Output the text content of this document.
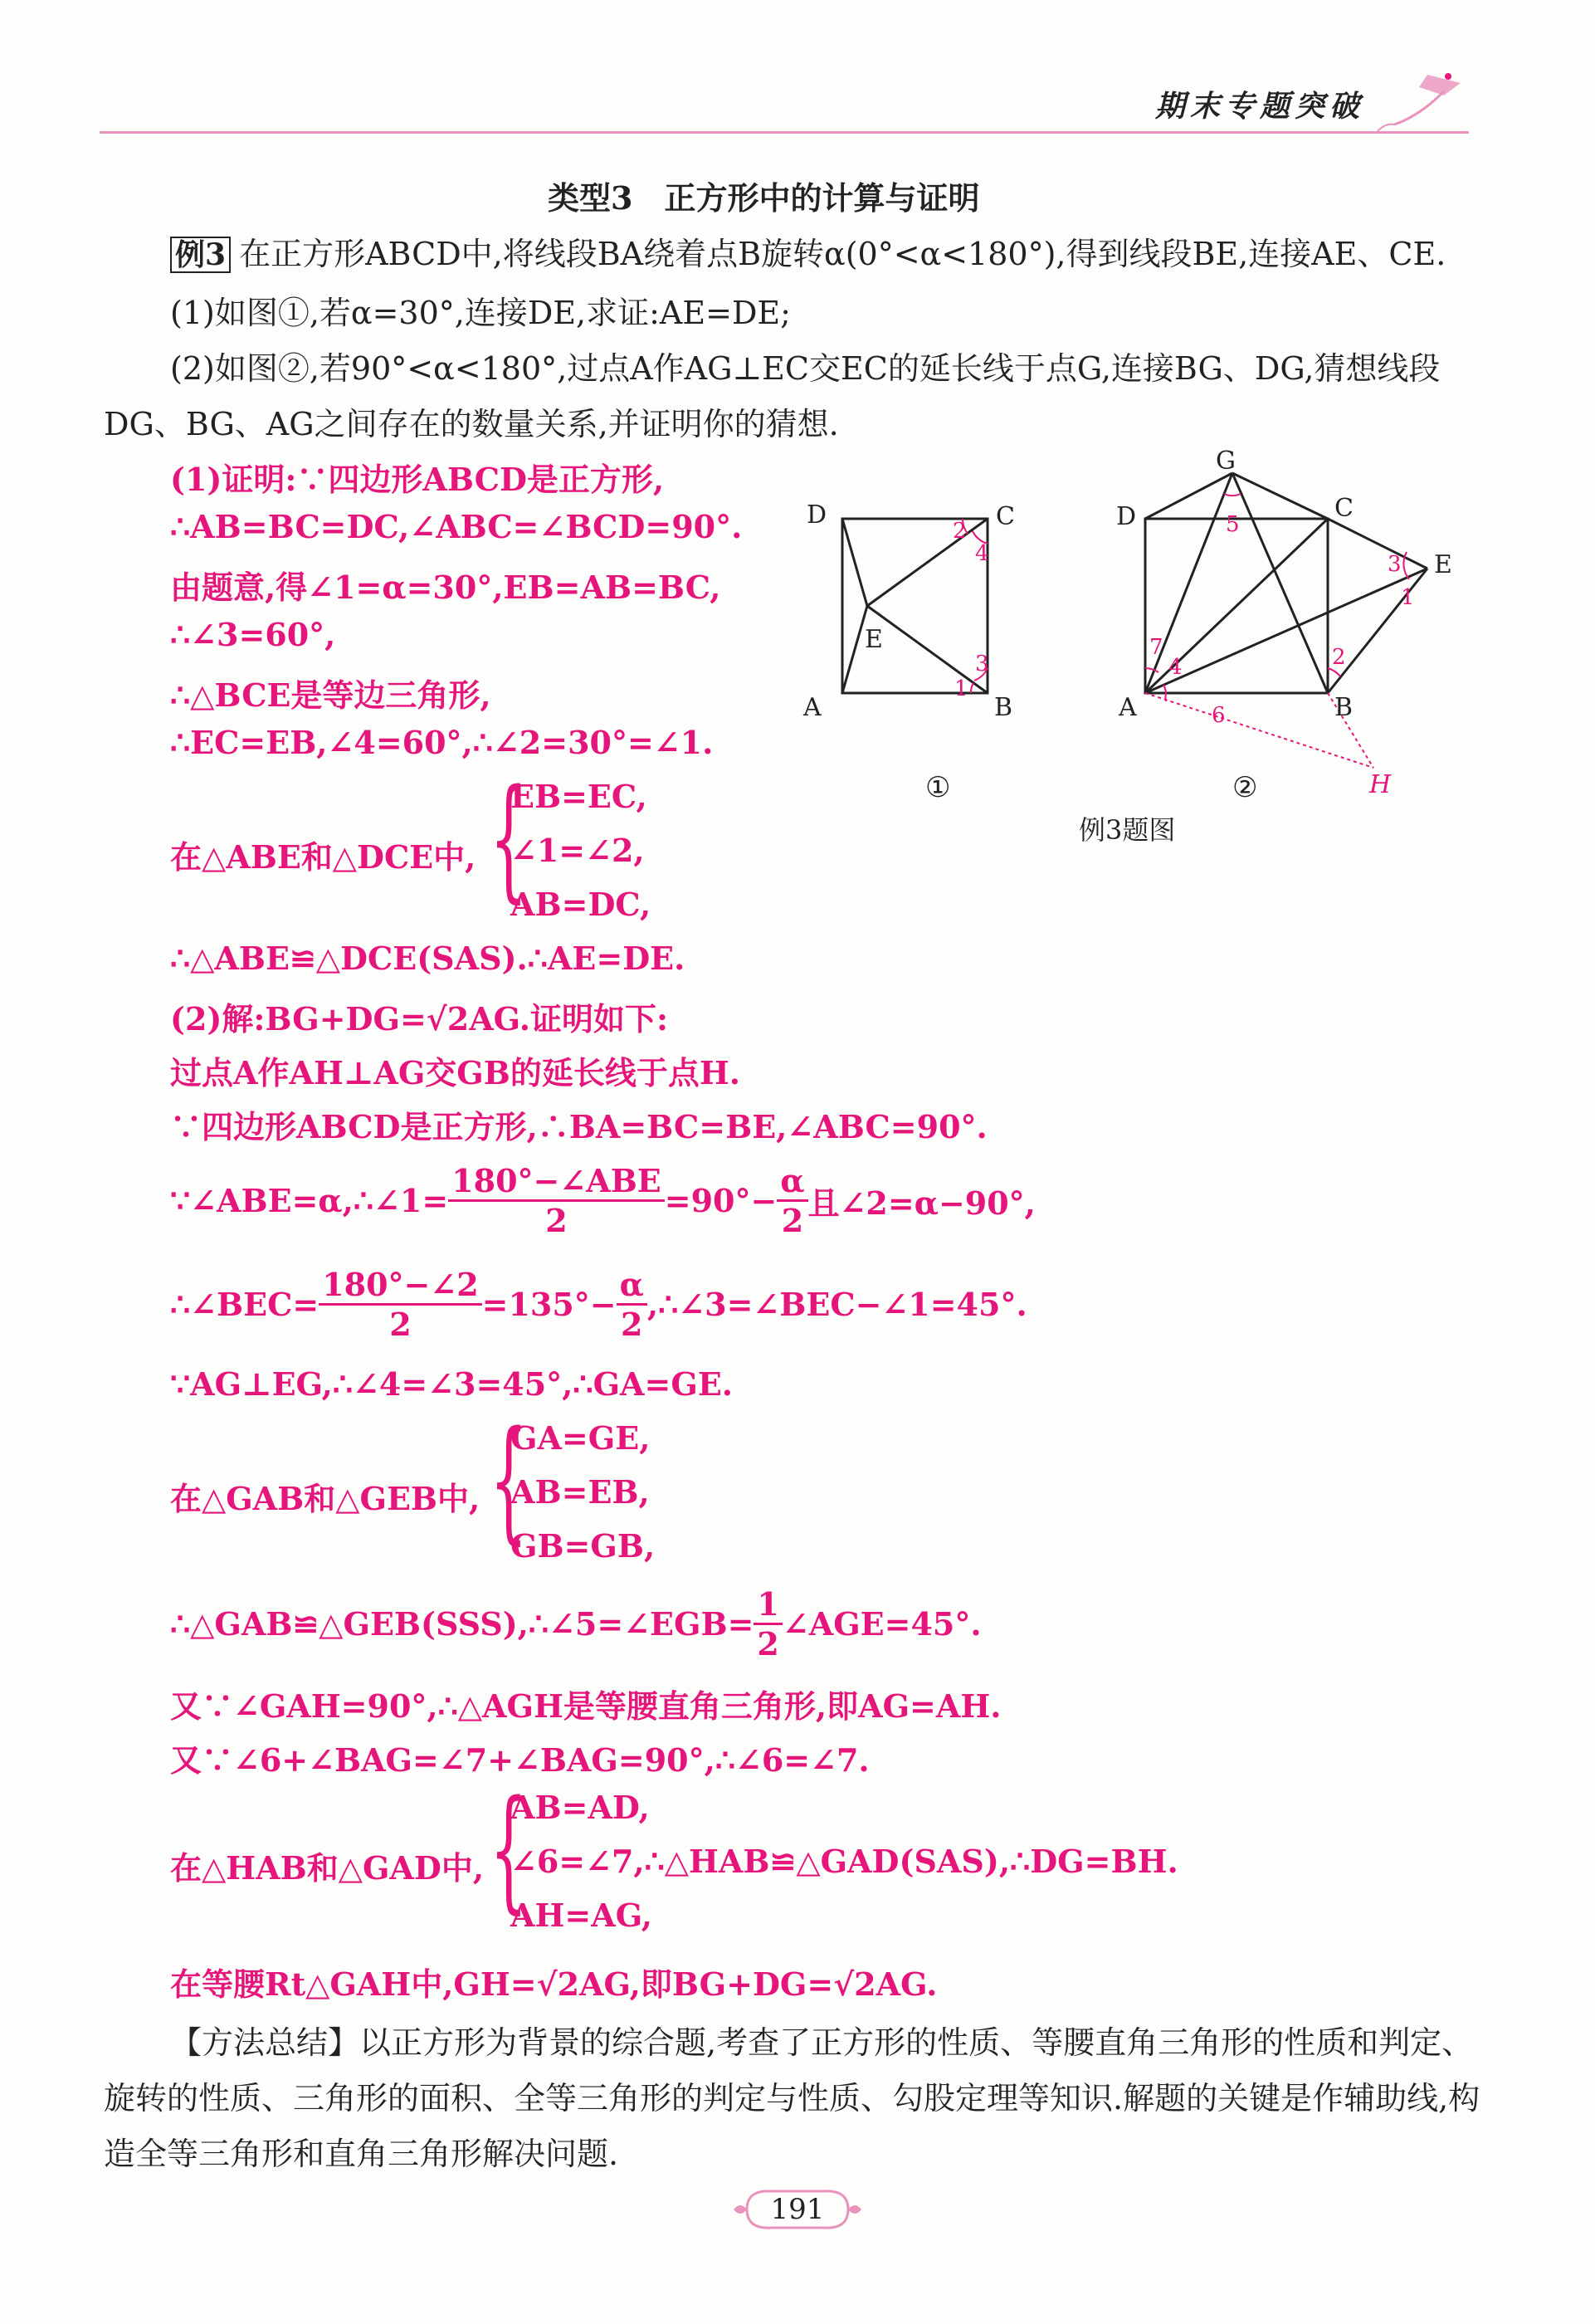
期末专题突破
类型3　正方形中的计算与证明
例3 在正方形ABCD中,将线段BA绕着点B旋转α(0°<α<180°),得到线段BE,连接AE、CE.
(1)如图①,若α=30°,连接DE,求证:AE=DE;
(2)如图②,若90°<α<180°,过点A作AG⊥EC交EC的延长线于点G,连接BG、DG,猜想线段
DG、BG、AG之间存在的数量关系,并证明你的猜想.
(1)证明:∵四边形ABCD是正方形,
∴AB=BC=DC,∠ABC=∠BCD=90°.
由题意,得∠1=α=30°,EB=AB=BC,
∴∠3=60°,
∴△BCE是等边三角形,
∴EC=EB,∠4=60°,∴∠2=30°=∠1.
在△ABE和△DCE中, {
EB=EC,
∠1=∠2,
AB=DC,
∴△ABE≌△DCE(SAS).∴AE=DE.
(2)解:BG+DG=√2AG.证明如下:
过点A作AH⊥AG交GB的延长线于点H.
∵四边形ABCD是正方形,∴BA=BC=BE,∠ABC=90°.
∵∠ABE=α,∴∠1= $\frac{\text{180°−∠ABE}}{2} =90^\circ- \frac{\alpha}{2}$ 且∠2=α−90°,
∴∠BEC= $\frac{180^\circ-\angle 2}{2} =135^\circ- \frac{\alpha}{2}$ ,∴∠3=∠BEC−∠1=45°.
∵AG⊥EG,∴∠4=∠3=45°,∴GA=GE.
在△GAB和△GEB中, {
GA=GE,
AB=EB,
GB=GB,
∴△GAB≌△GEB(SSS),∴∠5=∠EGB= $\frac{1}{2}$ ∠AGE=45°.
又∵∠GAH=90°,∴△AGH是等腰直角三角形,即AG=AH.
又∵∠6+∠BAG=∠7+∠BAG=90°,∴∠6=∠7.
在△HAB和△GAD中, {
AB=AD,
∠6=∠7,∴△HAB≌△GAD(SAS),∴DG=BH.
AH=AG,
在等腰Rt△GAH中,GH=√2AG,即BG+DG=√2AG.
【方法总结】以正方形为背景的综合题,考查了正方形的性质、等腰直角三角形的性质和判定、
旋转的性质、三角形的面积、全等三角形的判定与性质、勾股定理等知识.解题的关键是作辅助线,构
造全等三角形和直角三角形解决问题.
D	C
A	B
E
1
2
3
4
①
G
D	C
E
A	B
H
1
2
3
4
5
6
7
②
例3题图
191
